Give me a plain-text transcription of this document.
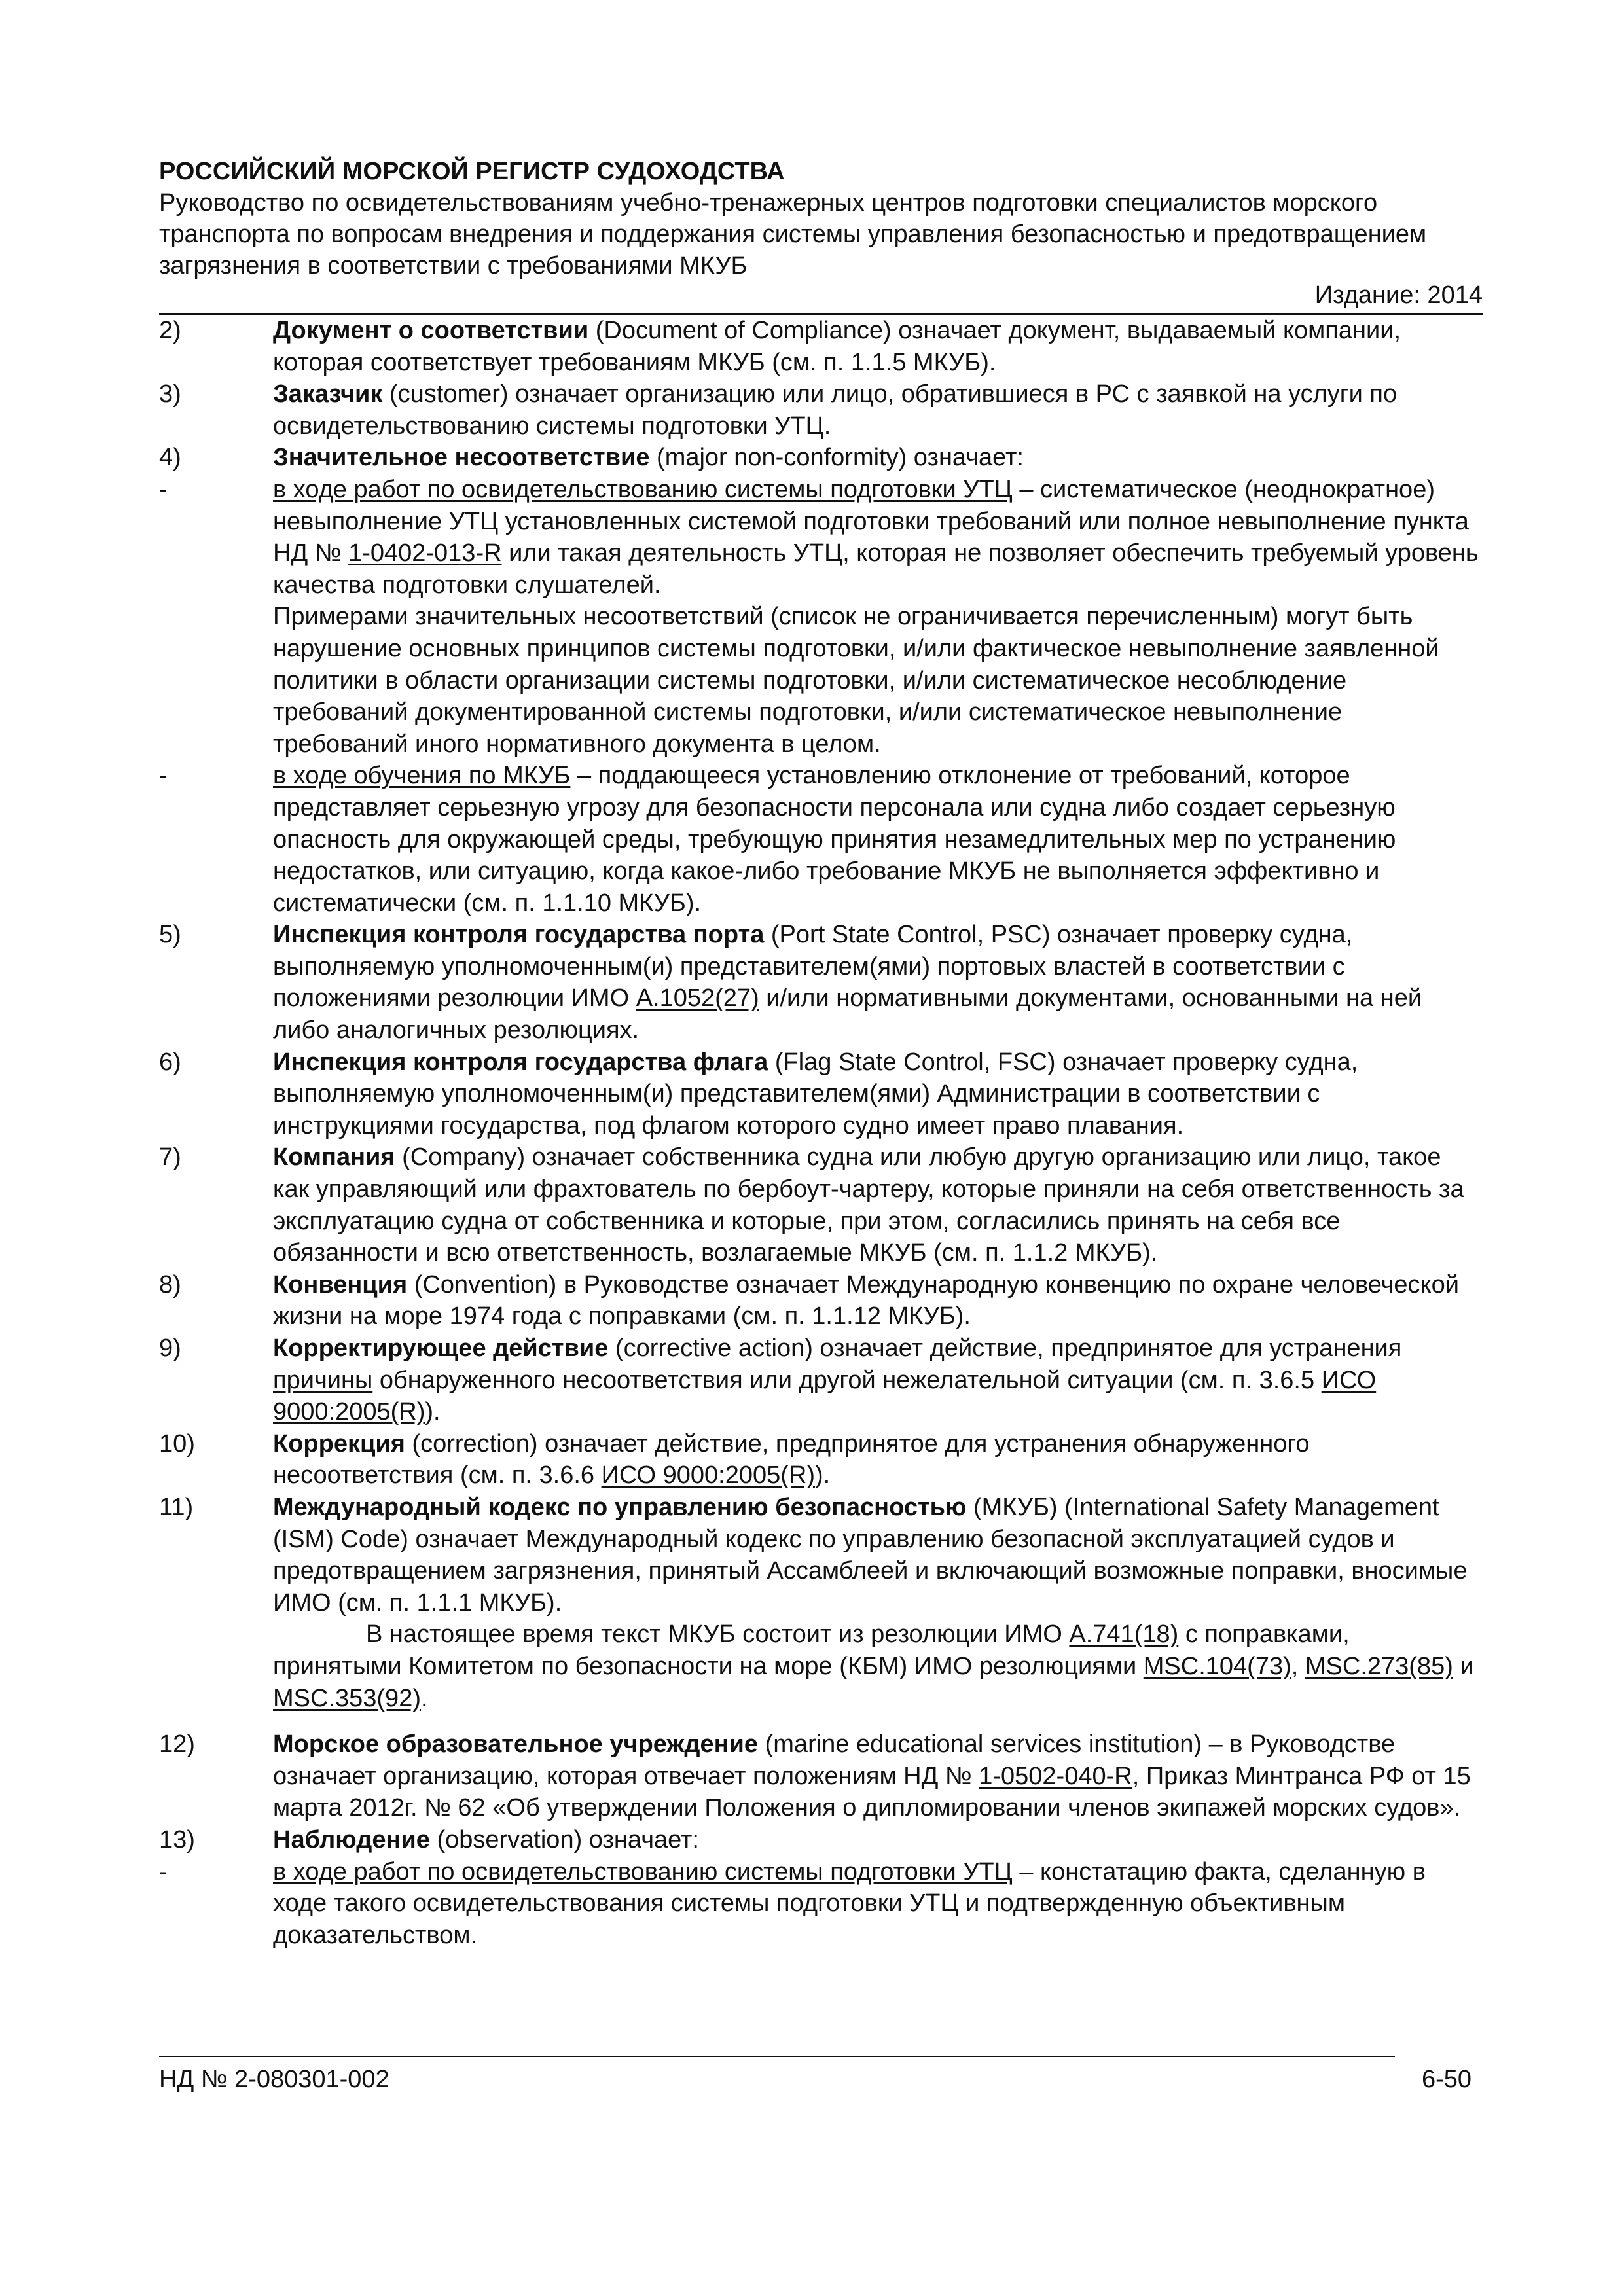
РОССИЙСКИЙ МОРСКОЙ РЕГИСТР СУДОХОДСТВА
Руководство по освидетельствованиям учебно-тренажерных центров подготовки специалистов морского транспорта по вопросам внедрения и поддержания системы управления безопасностью и предотвращением загрязнения в соответствии с требованиями МКУБ
Издание: 2014
2)	Документ о соответствии (Document of Compliance) означает документ, выдаваемый компании, которая соответствует требованиям МКУБ (см. п. 1.1.5 МКУБ).
3)	Заказчик (customer) означает организацию или лицо, обратившиеся в РС с заявкой на услуги по освидетельствованию системы подготовки УТЦ.
4)	Значительное несоответствие (major non-conformity) означает:
-	в ходе работ по освидетельствованию системы подготовки УТЦ – систематическое (неоднократное) невыполнение УТЦ установленных системой подготовки требований или полное невыполнение пункта НД № 1-0402-013-R или такая деятельность УТЦ, которая не позволяет обеспечить требуемый уровень качества подготовки слушателей.
Примерами значительных несоответствий (список не ограничивается перечисленным) могут быть нарушение основных принципов системы подготовки, и/или фактическое невыполнение заявленной политики в области организации системы подготовки, и/или систематическое несоблюдение требований документированной системы подготовки, и/или систематическое невыполнение требований иного нормативного документа в целом.
-	в ходе обучения по МКУБ – поддающееся установлению отклонение от требований, которое представляет серьезную угрозу для безопасности персонала или судна либо создает серьезную опасность для окружающей среды, требующую принятия незамедлительных мер по устранению недостатков, или ситуацию, когда какое-либо требование МКУБ не выполняется эффективно и систематически (см. п. 1.1.10 МКУБ).
5)	Инспекция контроля государства порта (Port State Control, PSC) означает проверку судна, выполняемую уполномоченным(и) представителем(ями) портовых властей в соответствии с положениями резолюции ИМО A.1052(27) и/или нормативными документами, основанными на ней либо аналогичных резолюциях.
6)	Инспекция контроля государства флага (Flag State Control, FSC) означает проверку судна, выполняемую уполномоченным(и) представителем(ями) Администрации в соответствии с инструкциями государства, под флагом которого судно имеет право плавания.
7)	Компания (Company) означает собственника судна или любую другую организацию или лицо, такое как управляющий или фрахтователь по бербоут-чартеру, которые приняли на себя ответственность за эксплуатацию судна от собственника и которые, при этом, согласились принять на себя все обязанности и всю ответственность, возлагаемые МКУБ (см. п. 1.1.2 МКУБ).
8)	Конвенция (Convention) в Руководстве означает Международную конвенцию по охране человеческой жизни на море 1974 года с поправками (см. п. 1.1.12 МКУБ).
9)	Корректирующее действие (corrective action) означает действие, предпринятое для устранения причины обнаруженного несоответствия или другой нежелательной ситуации (см. п. 3.6.5 ИСО 9000:2005(R)).
10)	Коррекция (correction) означает действие, предпринятое для устранения обнаруженного несоответствия (см. п. 3.6.6 ИСО 9000:2005(R)).
11)	Международный кодекс по управлению безопасностью (МКУБ) (International Safety Management (ISM) Code) означает Международный кодекс по управлению безопасной эксплуатацией судов и предотвращением загрязнения, принятый Ассамблеей и включающий возможные поправки, вносимые ИМО (см. п. 1.1.1 МКУБ).
В настоящее время текст МКУБ состоит из резолюции ИМО A.741(18) с поправками, принятыми Комитетом по безопасности на море (КБМ) ИМО резолюциями MSC.104(73), MSC.273(85) и MSC.353(92).
12)	Морское образовательное учреждение (marine educational services institution) – в Руководстве означает организацию, которая отвечает положениям НД № 1-0502-040-R, Приказ Минтранса РФ от 15 марта 2012г. № 62 «Об утверждении Положения о дипломировании членов экипажей морских судов».
13)	Наблюдение (observation) означает:
-	в ходе работ по освидетельствованию системы подготовки УТЦ – констатацию факта, сделанную в ходе такого освидетельствования системы подготовки УТЦ и подтвержденную объективным доказательством.
НД № 2-080301-002	6-50
